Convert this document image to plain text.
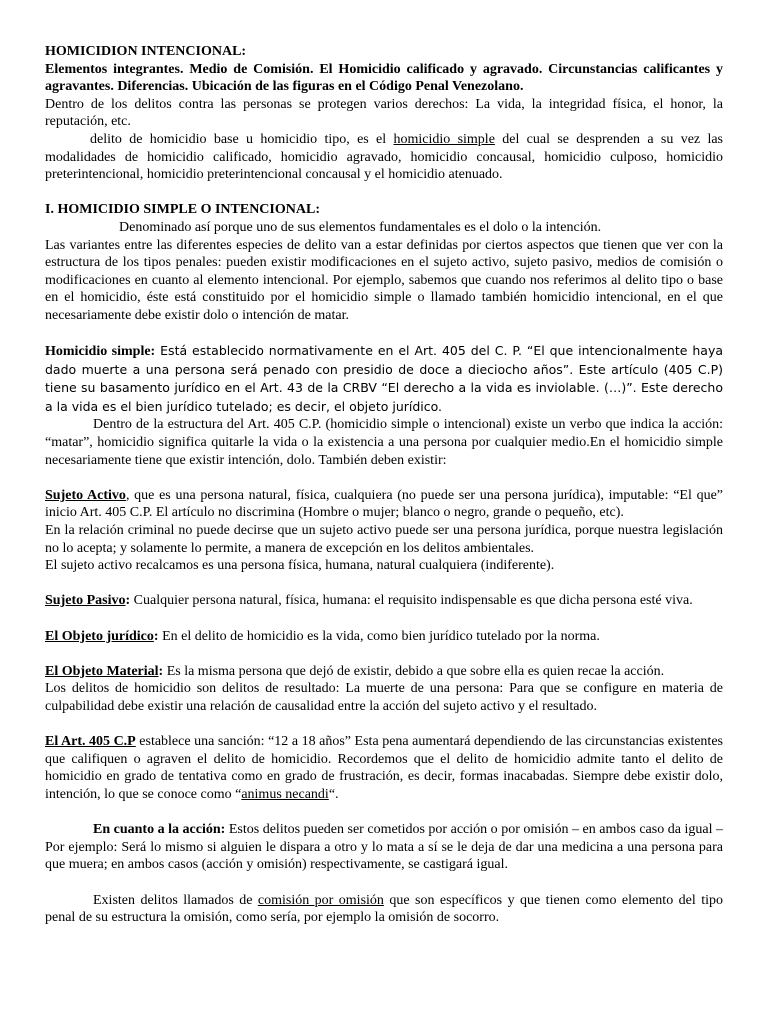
HOMICIDION INTENCIONAL:

Elementos integrantes. Medio de Comisión. El Homicidio calificado y agravado. Circunstancias calificantes y agravantes. Diferencias. Ubicación de las figuras en el Código Penal Venezolano.

Dentro de los delitos contra las personas se protegen varios derechos: La vida, la integridad física, el honor, la reputación, etc.

delito de homicidio base u homicidio tipo, es el homicidio simple del cual se desprenden a su vez las modalidades de homicidio calificado, homicidio agravado, homicidio concausal, homicidio culposo, homicidio preterintencional, homicidio preterintencional concausal y el homicidio atenuado.

I. HOMICIDIO SIMPLE O INTENCIONAL:

Denominado así porque uno de sus elementos fundamentales es el dolo o la intención.

Las variantes entre las diferentes especies de delito van a estar definidas por ciertos aspectos que tienen que ver con la estructura de los tipos penales: pueden existir modificaciones en el sujeto activo, sujeto pasivo, medios de comisión o modificaciones en cuanto al elemento intencional. Por ejemplo, sabemos que cuando nos referimos al delito tipo o base en el homicidio, éste está constituido por el homicidio simple o llamado también homicidio intencional, en el que necesariamente debe existir dolo o intención de matar.

Homicidio simple: Está establecido normativamente en el Art. 405 del C. P. “El que intencionalmente haya dado muerte a una persona será penado con presidio de doce a dieciocho años”. Este artículo (405 C.P) tiene su basamento jurídico en el Art. 43 de la CRBV “El derecho a la vida es inviolable. (…)”. Este derecho a la vida es el bien jurídico tutelado; es decir, el objeto jurídico.

Dentro de la estructura del Art. 405 C.P. (homicidio simple o intencional) existe un verbo que indica la acción: “matar”, homicidio significa quitarle la vida o la existencia a una persona por cualquier medio.En el homicidio simple necesariamente tiene que existir intención, dolo. También deben existir:

Sujeto Activo, que es una persona natural, física, cualquiera (no puede ser una persona jurídica), imputable: “El que” inicio Art. 405 C.P. El artículo no discrimina (Hombre o mujer; blanco o negro, grande o pequeño, etc).

En la relación criminal no puede decirse que un sujeto activo puede ser una persona jurídica, porque nuestra legislación no lo acepta; y solamente lo permite, a manera de excepción en los delitos ambientales.

El sujeto activo recalcamos es una persona física, humana, natural cualquiera (indiferente).

Sujeto Pasivo: Cualquier persona natural, física, humana: el requisito indispensable es que dicha persona esté viva.

El Objeto jurídico: En el delito de homicidio es la vida, como bien jurídico tutelado por la norma.

El Objeto Material: Es la misma persona que dejó de existir, debido a que sobre ella es quien recae la acción.

Los delitos de homicidio son delitos de resultado: La muerte de una persona: Para que se configure en materia de culpabilidad debe existir una relación de causalidad entre la acción del sujeto activo y el resultado.

El Art. 405 C.P establece una sanción: “12 a 18 años” Esta pena aumentará dependiendo de las circunstancias existentes que califiquen o agraven el delito de homicidio. Recordemos que el delito de homicidio admite tanto el delito de homicidio en grado de tentativa como en grado de frustración, es decir, formas inacabadas. Siempre debe existir dolo, intención, lo que se conoce como “animus necandi“.

En cuanto a la acción: Estos delitos pueden ser cometidos por acción o por omisión – en ambos caso da igual – Por ejemplo: Será lo mismo si alguien le dispara a otro y lo mata a sí se le deja de dar una medicina a una persona para que muera; en ambos casos (acción y omisión) respectivamente, se castigará igual.

Existen delitos llamados de comisión por omisión que son específicos y que tienen como elemento del tipo penal de su estructura la omisión, como sería, por ejemplo la omisión de socorro.
